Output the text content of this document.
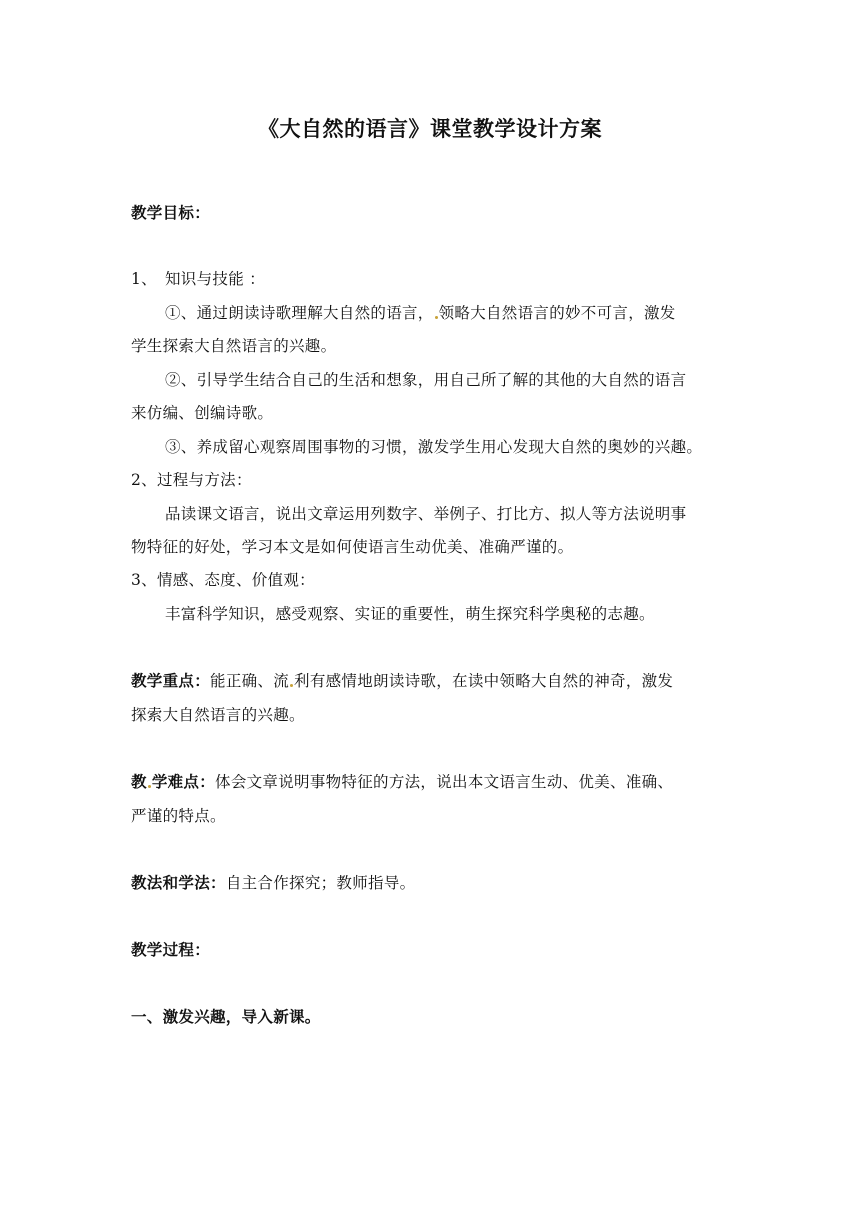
《大自然的语言》课堂教学设计方案
教学目标：
1、 知识与技能 ：
①、通过朗读诗歌理解大自然的语言， 领略大自然语言的妙不可言，激发
学生探索大自然语言的兴趣。
②、引导学生结合自己的生活和想象，用自己所了解的其他的大自然的语言
来仿编、创编诗歌。
③、养成留心观察周围事物的习惯，激发学生用心发现大自然的奥妙的兴趣。
2、过程与方法：
品读课文语言，说出文章运用列数字、举例子、打比方、拟人等方法说明事
物特征的好处，学习本文是如何使语言生动优美、准确严谨的。
3、情感、态度、价值观：
丰富科学知识，感受观察、实证的重要性，萌生探究科学奥秘的志趣。
教学重点：能正确、流 利有感情地朗读诗歌，在读中领略大自然的神奇，激发
探索大自然语言的兴趣。
教 学难点：体会文章说明事物特征的方法，说出本文语言生动、优美、准确、
严谨的特点。
教法和学法：自主合作探究；教师指导。
教学过程：
一、激发兴趣，导入新课。
